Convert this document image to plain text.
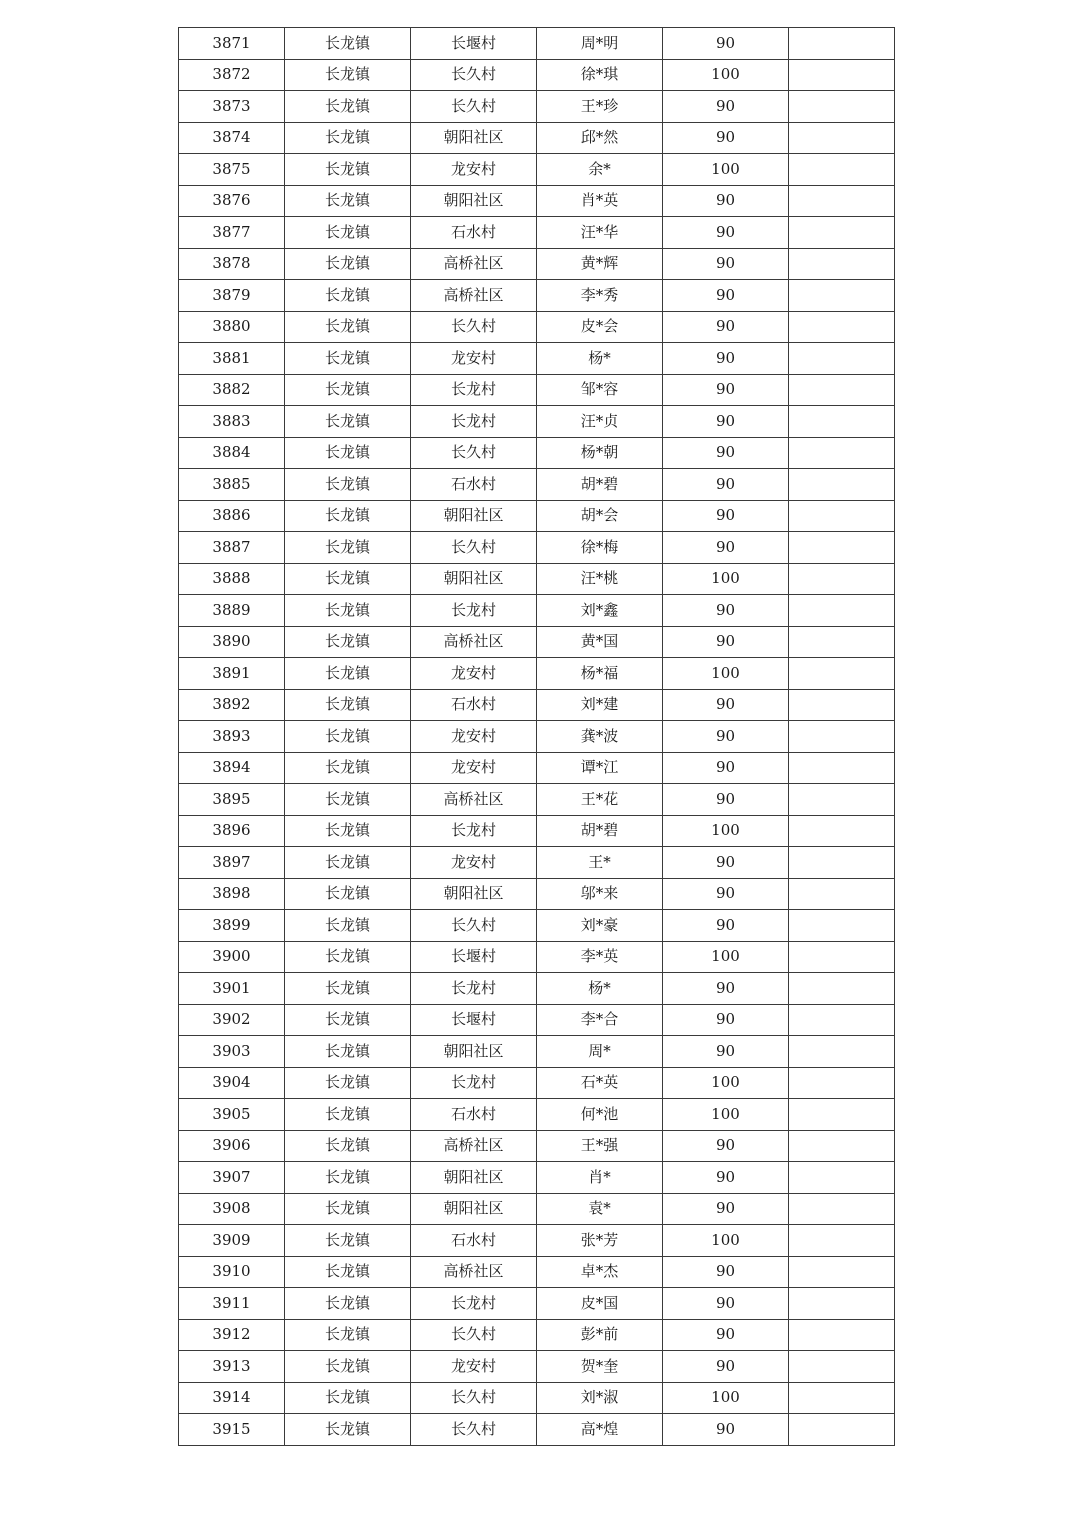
3871	长龙镇	长堰村	周*明	90	
3872	长龙镇	长久村	徐*琪	100	
3873	长龙镇	长久村	王*珍	90	
3874	长龙镇	朝阳社区	邱*然	90	
3875	长龙镇	龙安村	余*	100	
3876	长龙镇	朝阳社区	肖*英	90	
3877	长龙镇	石水村	汪*华	90	
3878	长龙镇	高桥社区	黄*辉	90	
3879	长龙镇	高桥社区	李*秀	90	
3880	长龙镇	长久村	皮*会	90	
3881	长龙镇	龙安村	杨*	90	
3882	长龙镇	长龙村	邹*容	90	
3883	长龙镇	长龙村	汪*贞	90	
3884	长龙镇	长久村	杨*朝	90	
3885	长龙镇	石水村	胡*碧	90	
3886	长龙镇	朝阳社区	胡*会	90	
3887	长龙镇	长久村	徐*梅	90	
3888	长龙镇	朝阳社区	汪*桃	100	
3889	长龙镇	长龙村	刘*鑫	90	
3890	长龙镇	高桥社区	黄*国	90	
3891	长龙镇	龙安村	杨*福	100	
3892	长龙镇	石水村	刘*建	90	
3893	长龙镇	龙安村	龚*波	90	
3894	长龙镇	龙安村	谭*江	90	
3895	长龙镇	高桥社区	王*花	90	
3896	长龙镇	长龙村	胡*碧	100	
3897	长龙镇	龙安村	王*	90	
3898	长龙镇	朝阳社区	邬*来	90	
3899	长龙镇	长久村	刘*豪	90	
3900	长龙镇	长堰村	李*英	100	
3901	长龙镇	长龙村	杨*	90	
3902	长龙镇	长堰村	李*合	90	
3903	长龙镇	朝阳社区	周*	90	
3904	长龙镇	长龙村	石*英	100	
3905	长龙镇	石水村	何*池	100	
3906	长龙镇	高桥社区	王*强	90	
3907	长龙镇	朝阳社区	肖*	90	
3908	长龙镇	朝阳社区	袁*	90	
3909	长龙镇	石水村	张*芳	100	
3910	长龙镇	高桥社区	卓*杰	90	
3911	长龙镇	长龙村	皮*国	90	
3912	长龙镇	长久村	彭*前	90	
3913	长龙镇	龙安村	贺*奎	90	
3914	长龙镇	长久村	刘*淑	100	
3915	长龙镇	长久村	高*煌	90	
